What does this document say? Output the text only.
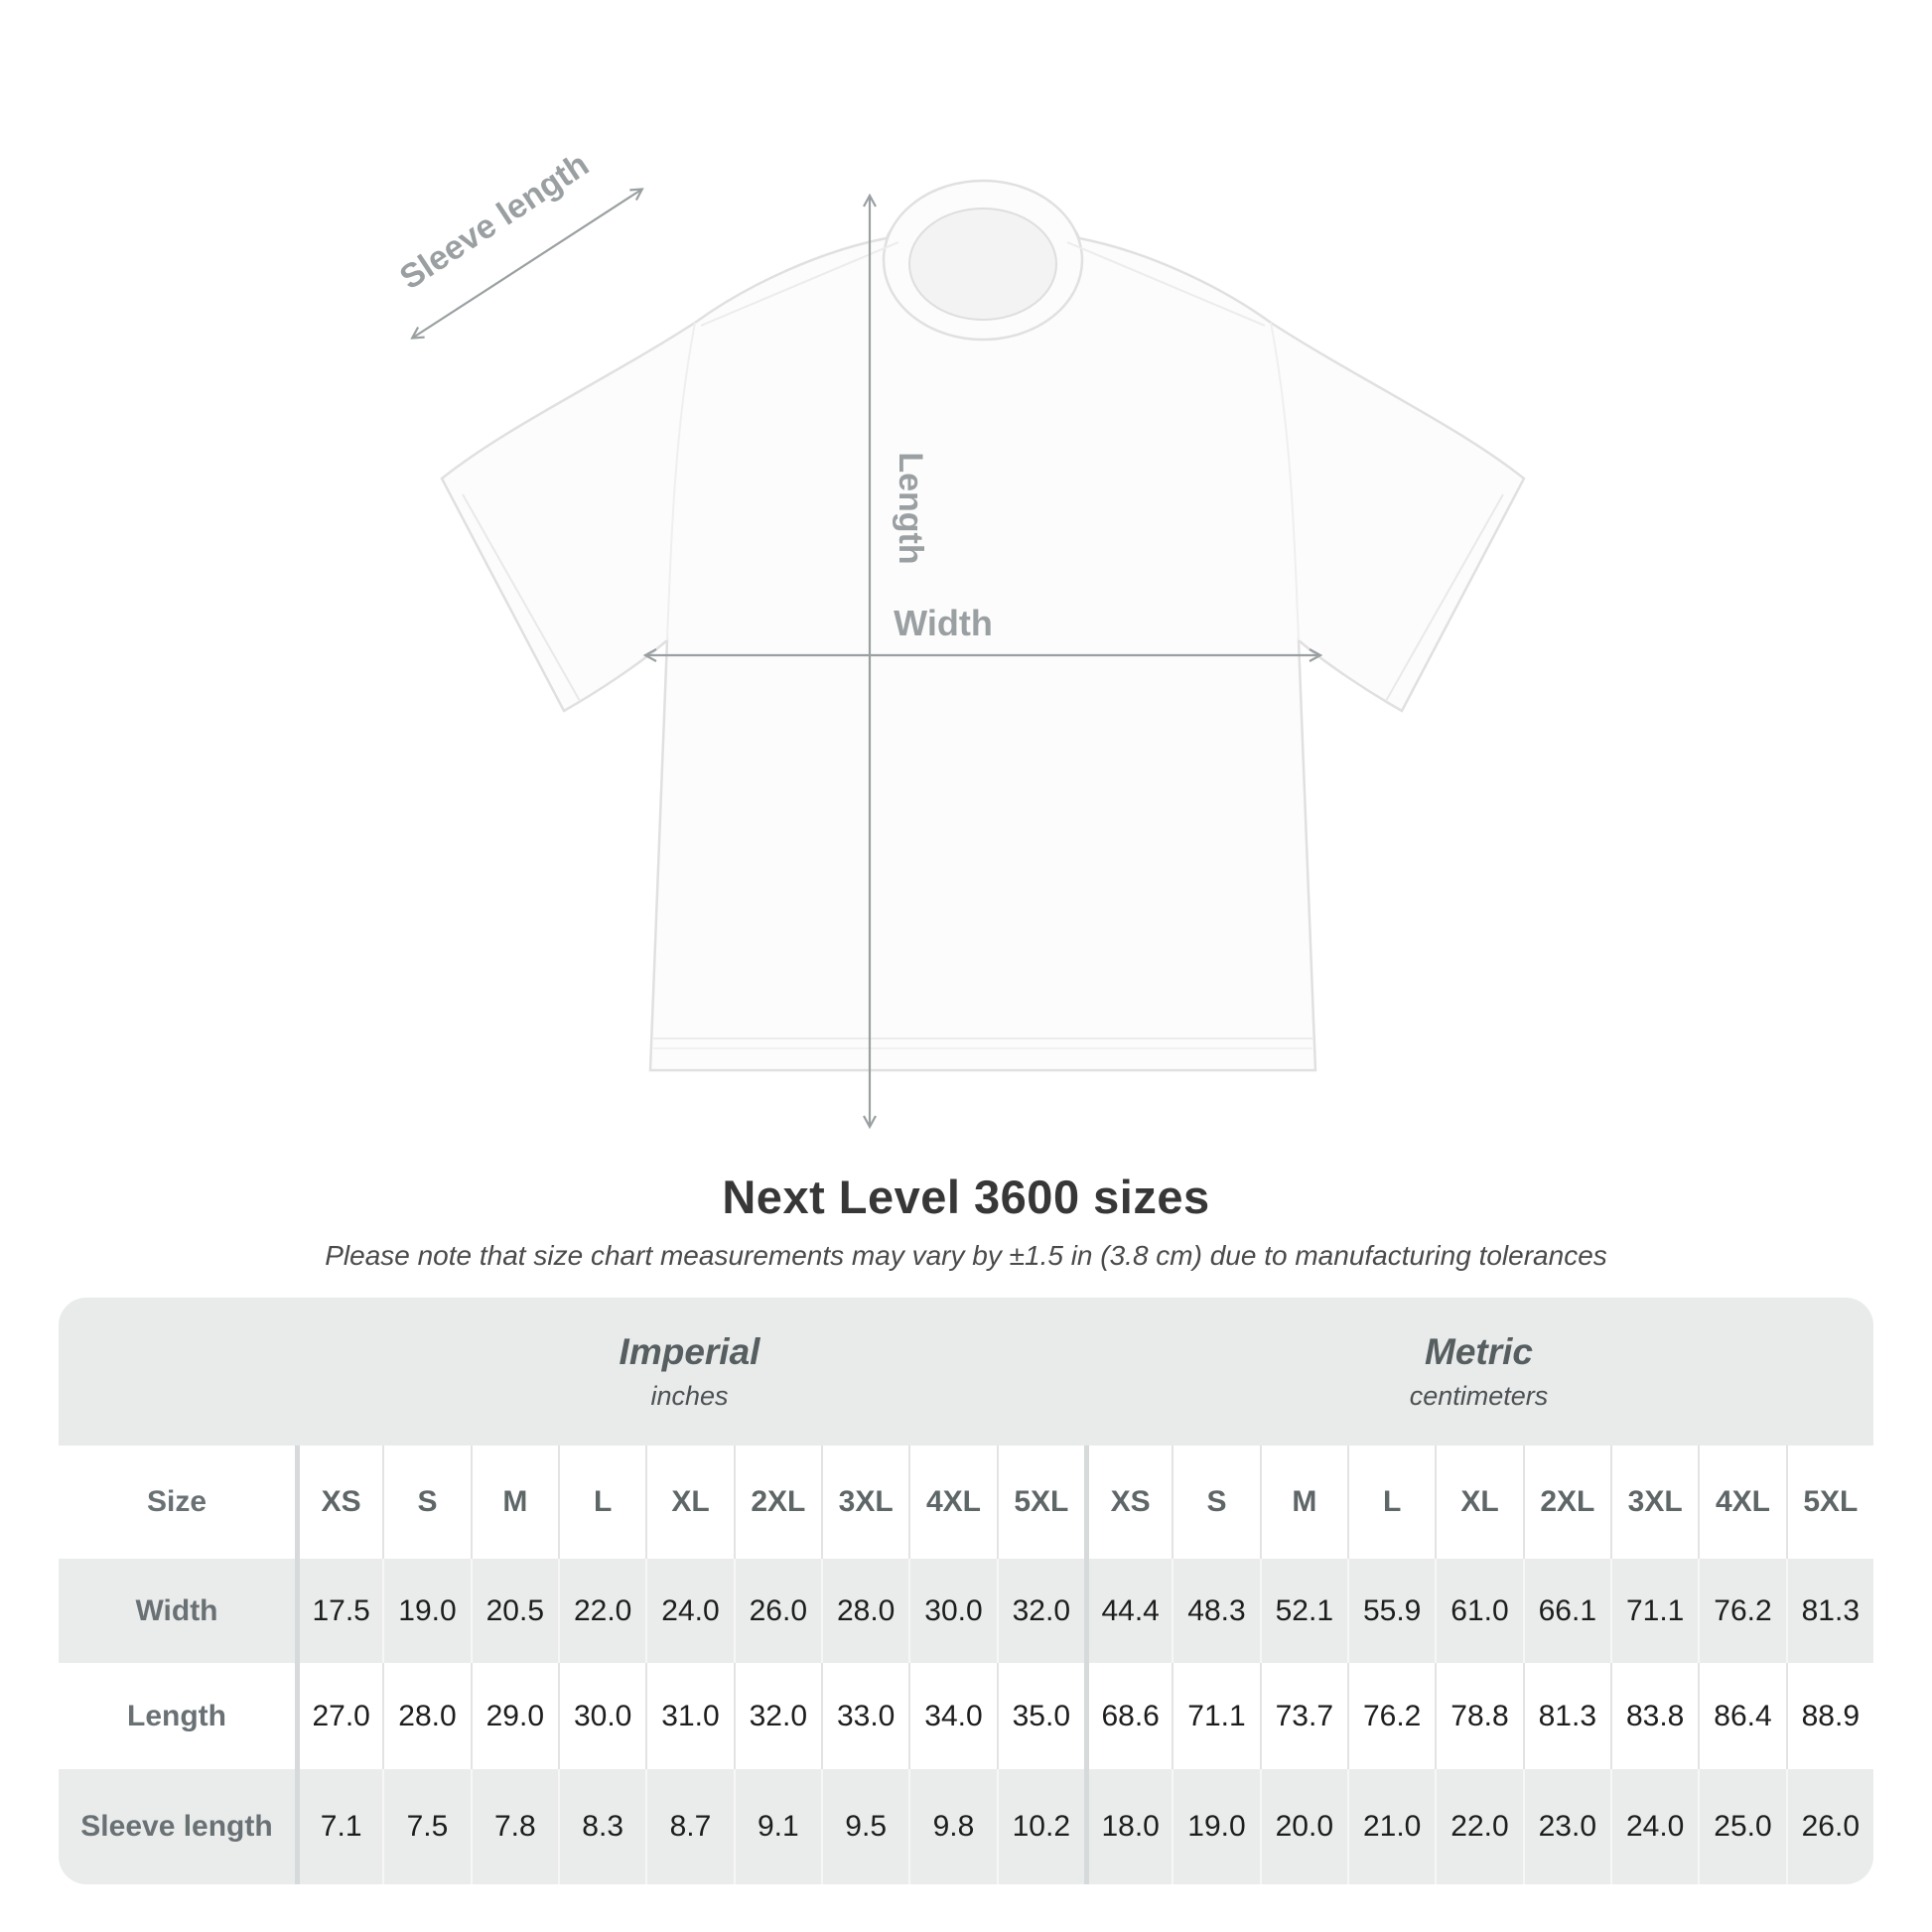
Sleeve length
Length
Width
Next Level 3600 sizes
Please note that size chart measurements may vary by ±1.5 in (3.8 cm) due to manufacturing tolerances
Imperial
inches
Metric
centimeters
Size	XS	S	M	L	XL	2XL	3XL	4XL	5XL	XS	S	M	L	XL	2XL	3XL	4XL	5XL
Width	17.5 19.0 20.5 22.0 24.0 26.0 28.0 30.0 32.0	44.4 48.3 52.1 55.9 61.0 66.1 71.1 76.2 81.3
Length	27.0 28.0 29.0 30.0 31.0 32.0 33.0 34.0 35.0	68.6 71.1 73.7 76.2 78.8 81.3 83.8 86.4 88.9
Sleeve length	7.1	7.5	7.8	8.3	8.7	9.1	9.5	9.8	10.2	18.0 19.0 20.0 21.0 22.0 23.0 24.0 25.0 26.0
